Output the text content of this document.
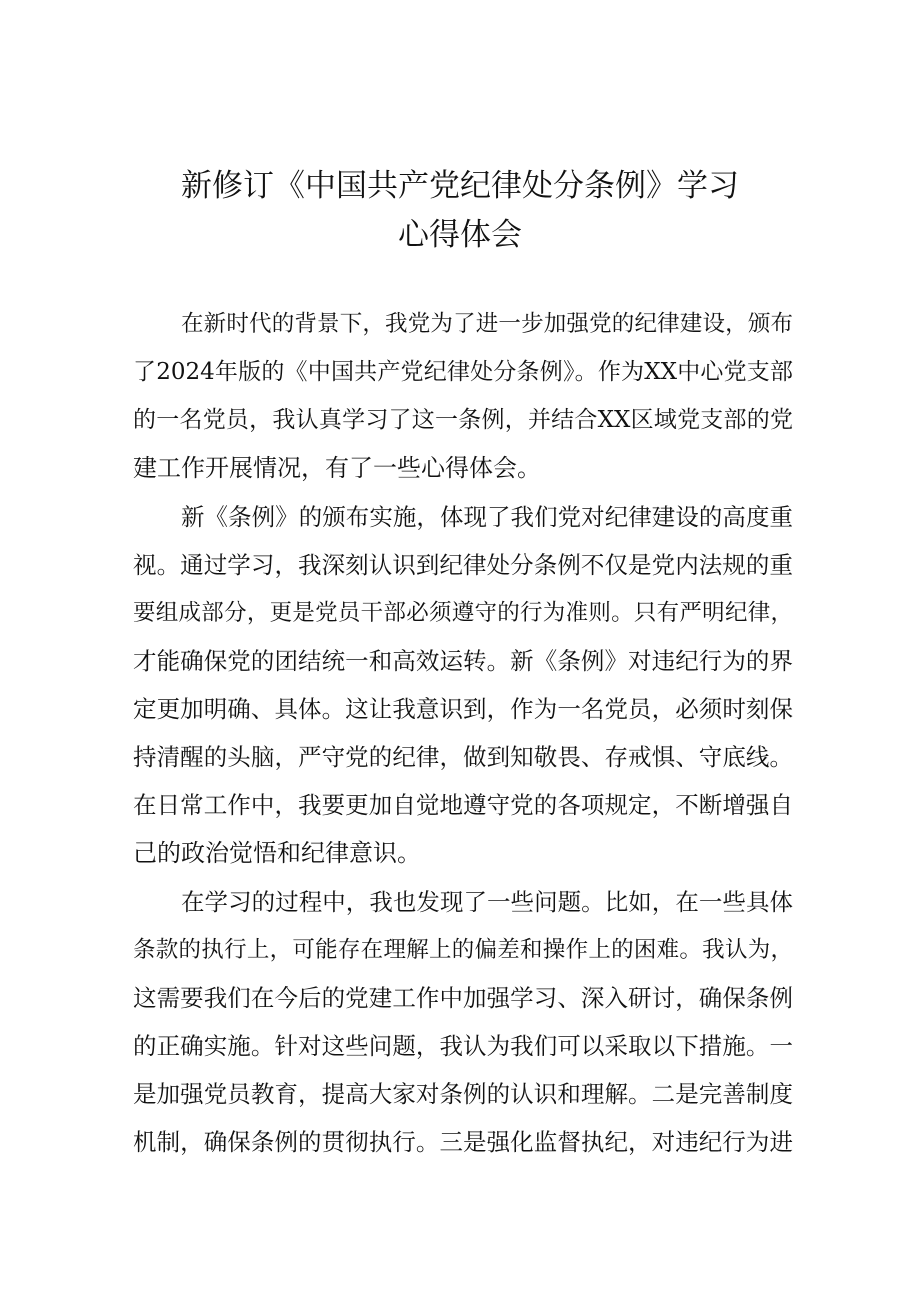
新修订《中国共产党纪律处分条例》学习
心得体会
在新时代的背景下，我党为了进一步加强党的纪律建设，颁布
了2024年版的《中国共产党纪律处分条例》。作为XX中心党支部
的一名党员，我认真学习了这一条例，并结合XX区域党支部的党
建工作开展情况，有了一些心得体会。
新《条例》的颁布实施，体现了我们党对纪律建设的高度重
视。通过学习，我深刻认识到纪律处分条例不仅是党内法规的重
要组成部分，更是党员干部必须遵守的行为准则。只有严明纪律，
才能确保党的团结统一和高效运转。新《条例》对违纪行为的界
定更加明确、具体。这让我意识到，作为一名党员，必须时刻保
持清醒的头脑，严守党的纪律，做到知敬畏、存戒惧、守底线。
在日常工作中，我要更加自觉地遵守党的各项规定，不断增强自
己的政治觉悟和纪律意识。
在学习的过程中，我也发现了一些问题。比如，在一些具体
条款的执行上，可能存在理解上的偏差和操作上的困难。我认为，
这需要我们在今后的党建工作中加强学习、深入研讨，确保条例
的正确实施。针对这些问题，我认为我们可以采取以下措施。一
是加强党员教育，提高大家对条例的认识和理解。二是完善制度
机制，确保条例的贯彻执行。三是强化监督执纪，对违纪行为进
